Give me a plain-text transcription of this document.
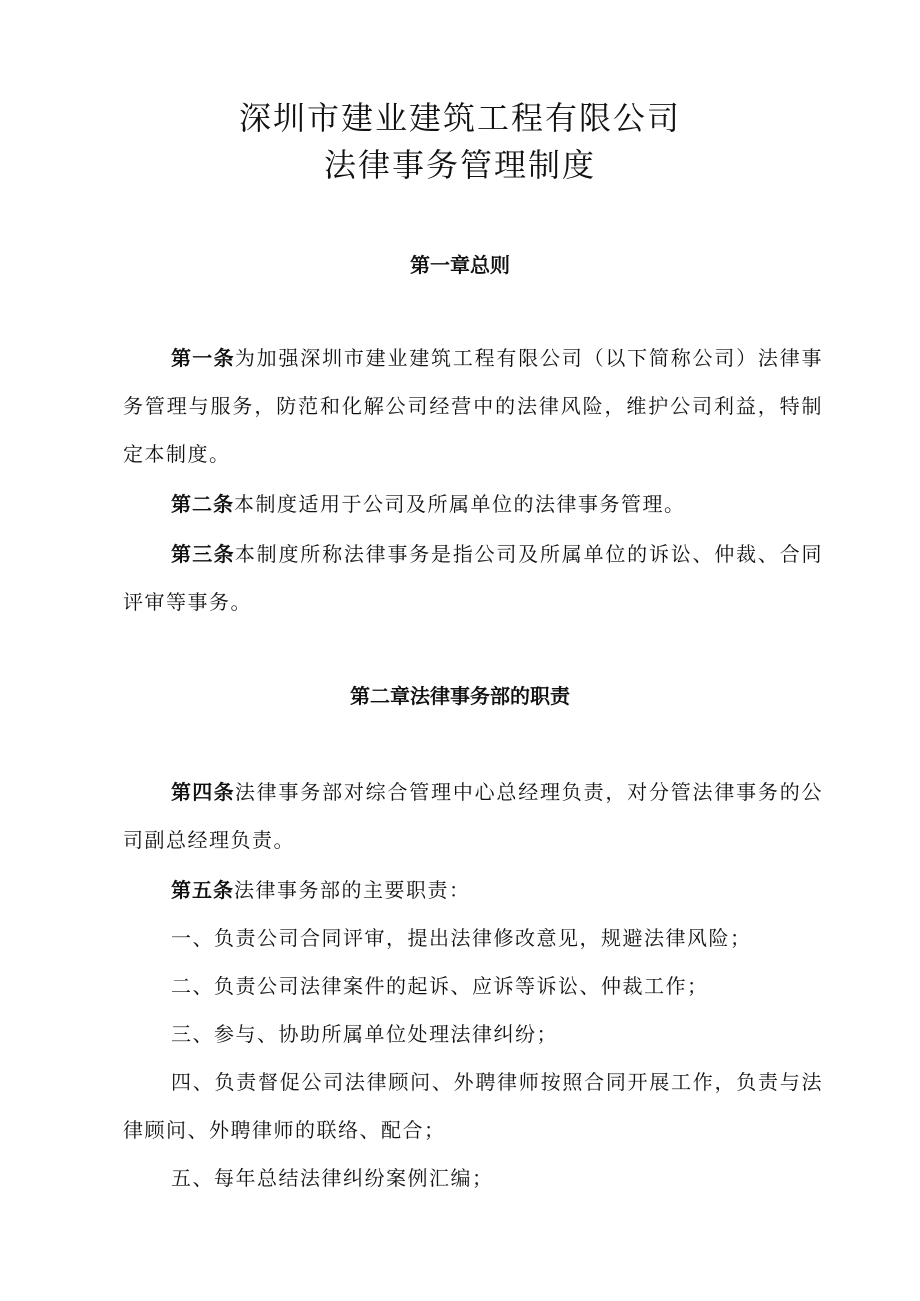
深圳市建业建筑工程有限公司
法律事务管理制度
第一章总则
第一条为加强深圳市建业建筑工程有限公司（以下简称公司）法律事务管理与服务，防范和化解公司经营中的法律风险，维护公司利益，特制定本制度。
第二条本制度适用于公司及所属单位的法律事务管理。
第三条本制度所称法律事务是指公司及所属单位的诉讼、仲裁、合同评审等事务。
第二章法律事务部的职责
第四条法律事务部对综合管理中心总经理负责，对分管法律事务的公司副总经理负责。
第五条法律事务部的主要职责：
一、负责公司合同评审，提出法律修改意见，规避法律风险；
二、负责公司法律案件的起诉、应诉等诉讼、仲裁工作；
三、参与、协助所属单位处理法律纠纷；
四、负责督促公司法律顾问、外聘律师按照合同开展工作，负责与法律顾问、外聘律师的联络、配合；
五、每年总结法律纠纷案例汇编；
